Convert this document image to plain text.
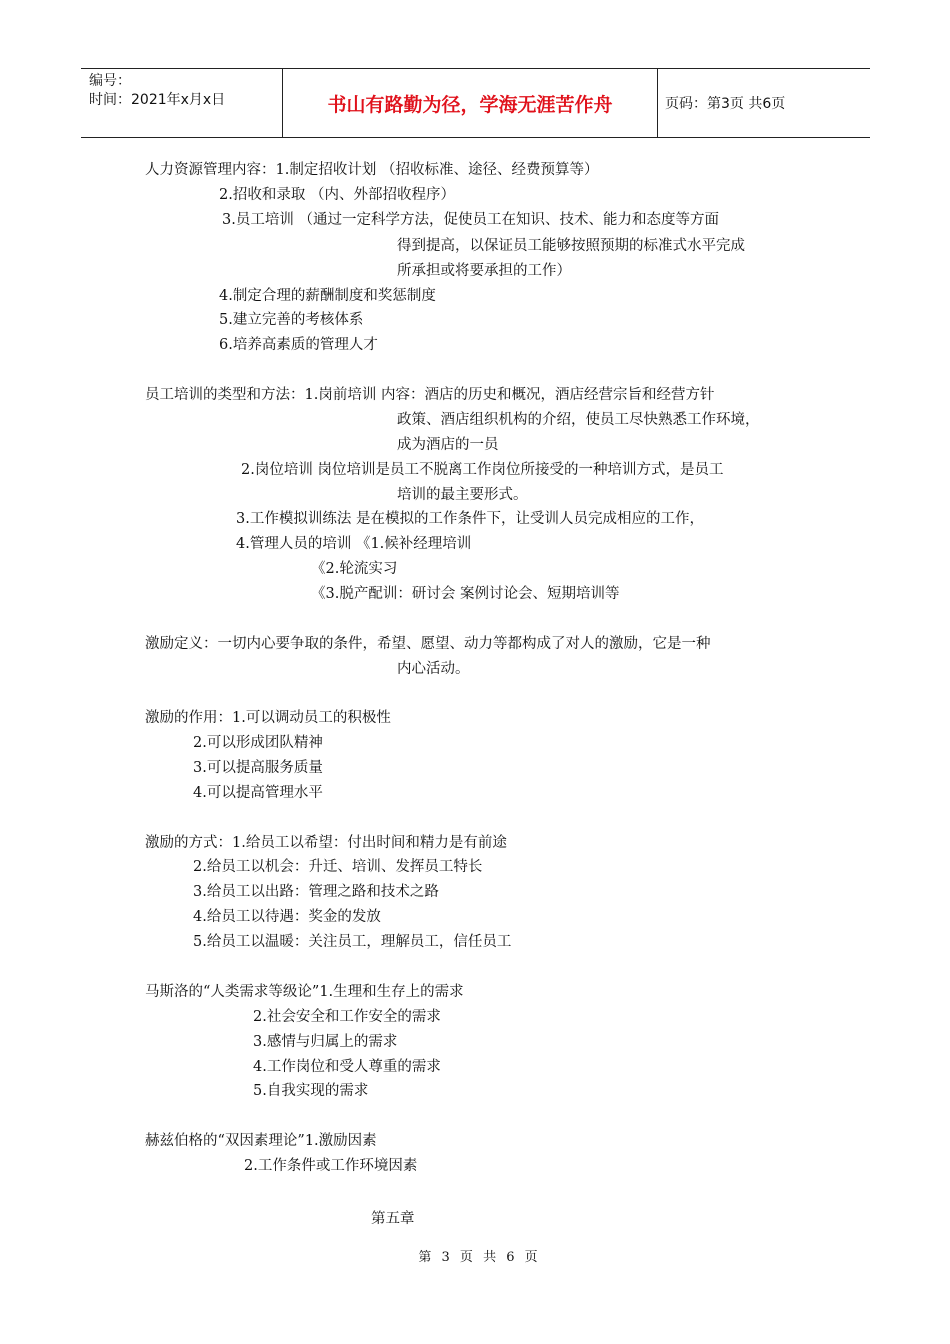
编号：
时间：2021年x月x日	书山有路勤为径，学海无涯苦作舟	页码：第3页 共6页
人力资源管理内容：1.制定招收计划 （招收标准、途径、经费预算等）
2.招收和录取 （内、外部招收程序）
3.员工培训 （通过一定科学方法，促使员工在知识、技术、能力和态度等方面
得到提高，以保证员工能够按照预期的标准式水平完成
所承担或将要承担的工作）
4.制定合理的薪酬制度和奖惩制度
5.建立完善的考核体系
6.培养高素质的管理人才
员工培训的类型和方法：1.岗前培训 内容：酒店的历史和概况，酒店经营宗旨和经营方针
政策、酒店组织机构的介绍，使员工尽快熟悉工作环境，
成为酒店的一员
2.岗位培训 岗位培训是员工不脱离工作岗位所接受的一种培训方式，是员工
培训的最主要形式。
3.工作模拟训练法 是在模拟的工作条件下，让受训人员完成相应的工作，
4.管理人员的培训 《1.候补经理培训
《2.轮流实习
《3.脱产配训：研讨会 案例讨论会、短期培训等
激励定义：一切内心要争取的条件，希望、愿望、动力等都构成了对人的激励，它是一种
内心活动。
激励的作用：1.可以调动员工的积极性
2.可以形成团队精神
3.可以提高服务质量
4.可以提高管理水平
激励的方式：1.给员工以希望：付出时间和精力是有前途
2.给员工以机会：升迁、培训、发挥员工特长
3.给员工以出路：管理之路和技术之路
4.给员工以待遇：奖金的发放
5.给员工以温暖：关注员工，理解员工，信任员工
马斯洛的“人类需求等级论”1.生理和生存上的需求
2.社会安全和工作安全的需求
3.感情与归属上的需求
4.工作岗位和受人尊重的需求
5.自我实现的需求
赫兹伯格的“双因素理论”1.激励因素
2.工作条件或工作环境因素
第五章
第 3 页 共 6 页
